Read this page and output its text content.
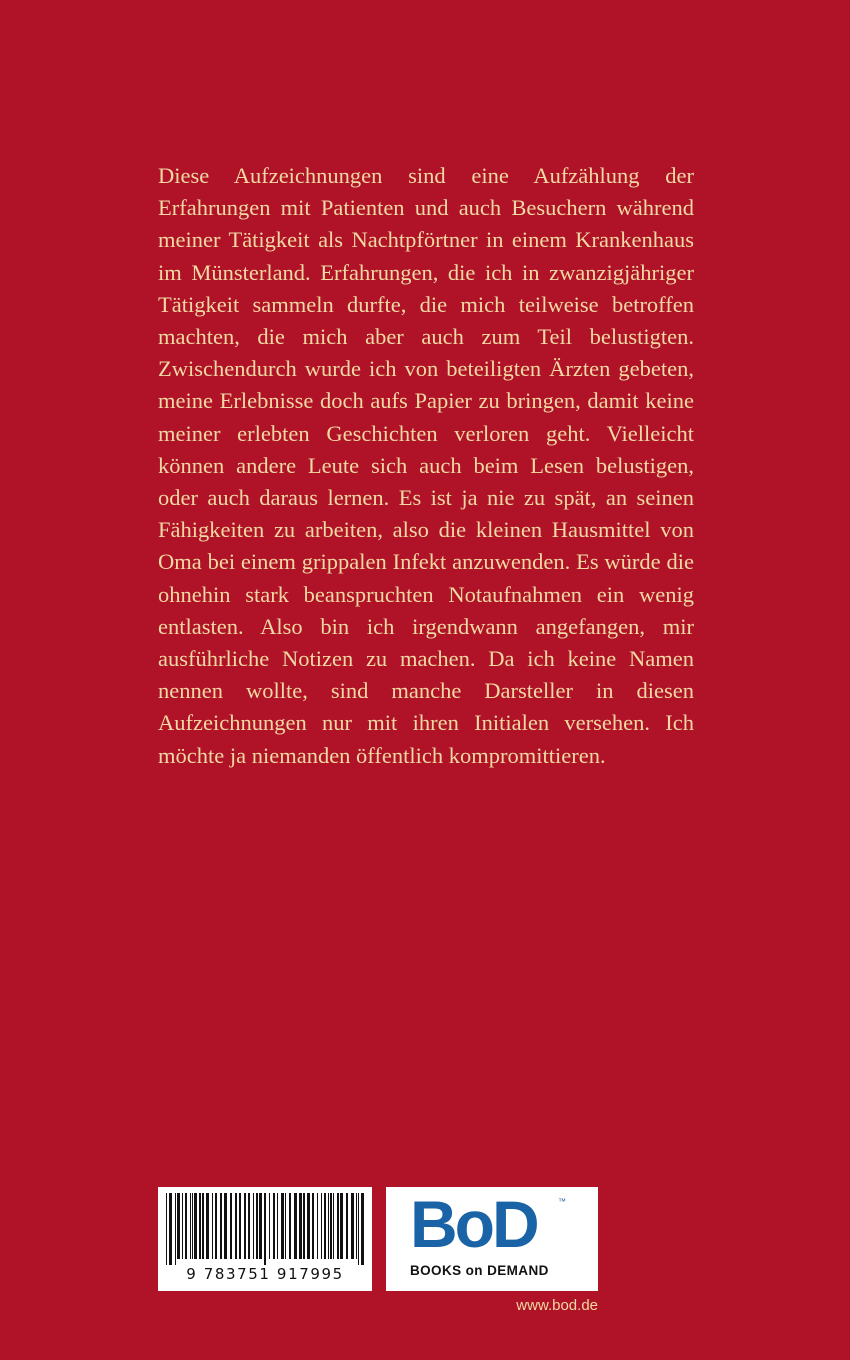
Diese Aufzeichnungen sind eine Aufzählung der Erfahrungen mit Patienten und auch Besuchern während meiner Tätigkeit als Nachtpförtner in einem Krankenhaus im Münsterland. Erfahrungen, die ich in zwanzigjähriger Tätigkeit sammeln durfte, die mich teilweise betroffen machten, die mich aber auch zum Teil belustigten. Zwischendurch wurde ich von beteiligten Ärzten gebeten, meine Erlebnisse doch aufs Papier zu bringen, damit keine meiner erlebten Geschichten verloren geht. Vielleicht können andere Leute sich auch beim Lesen belustigen, oder auch daraus lernen. Es ist ja nie zu spät, an seinen Fähigkeiten zu arbeiten, also die kleinen Hausmittel von Oma bei einem grippalen Infekt anzuwenden. Es würde die ohnehin stark beanspruchten Notaufnahmen ein wenig entlasten. Also bin ich irgendwann angefangen, mir ausführliche Notizen zu machen. Da ich keine Namen nennen wollte, sind manche Darsteller in diesen Aufzeichnungen nur mit ihren Initialen versehen. Ich möchte ja niemanden öffentlich kompromittieren.

9 783751 917995
BoD	™
BOOKS on DEMAND
www.bod.de
